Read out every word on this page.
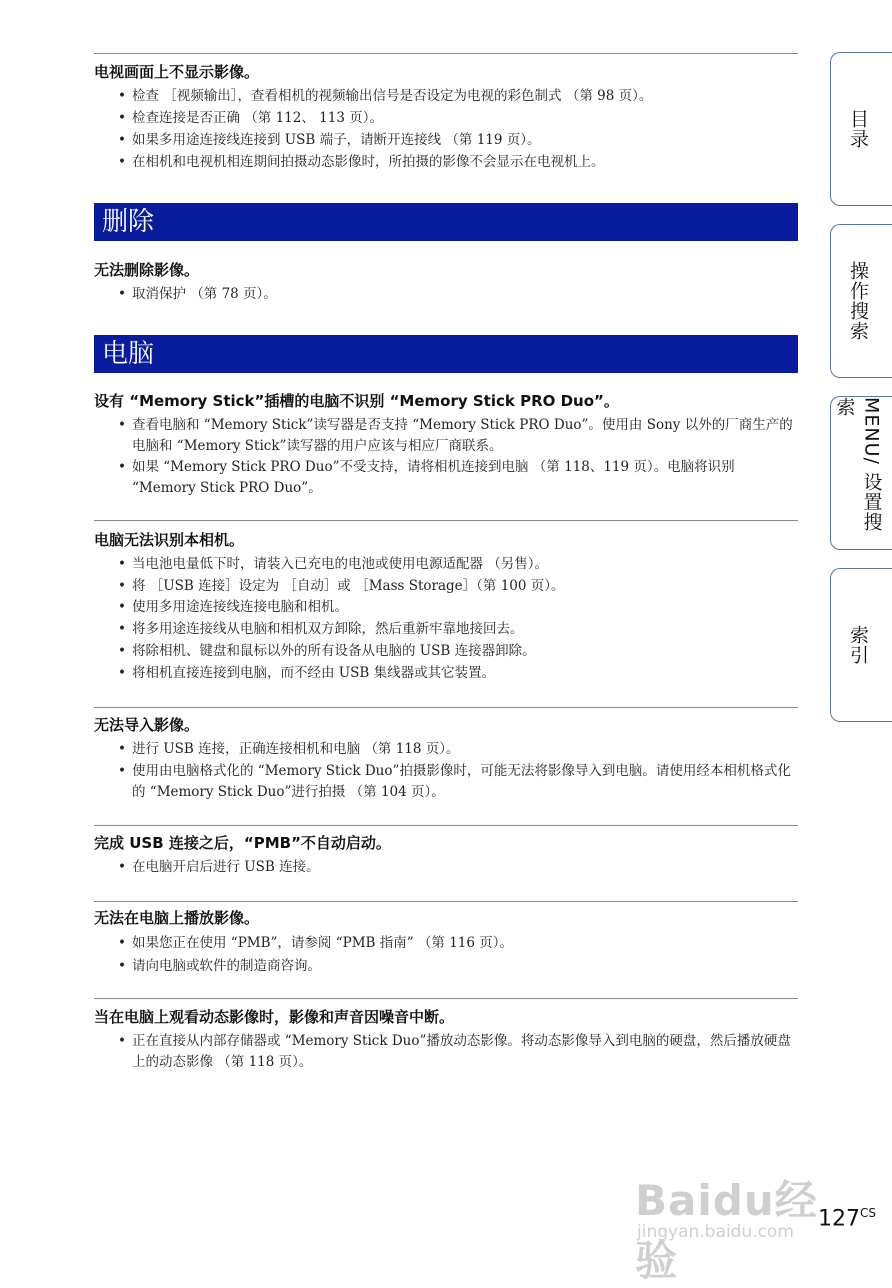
电视画面上不显示影像。
• 检查 ［视频输出］，查看相机的视频输出信号是否设定为电视的彩色制式 （第 98 页）。
• 检查连接是否正确 （第 112、 113 页）。
• 如果多用途连接线连接到 USB 端子，请断开连接线 （第 119 页）。
• 在相机和电视机相连期间拍摄动态影像时，所拍摄的影像不会显示在电视机上。
删除
无法删除影像。
• 取消保护 （第 78 页）。
电脑
设有 “Memory Stick”插槽的电脑不识别 “Memory Stick PRO Duo”。
• 查看电脑和 “Memory Stick”读写器是否支持 “Memory Stick PRO Duo”。使用由 Sony 以外的厂商生产的电脑和 “Memory Stick”读写器的用户应该与相应厂商联系。
• 如果 “Memory Stick PRO Duo”不受支持，请将相机连接到电脑 （第 118、119 页）。电脑将识别 “Memory Stick PRO Duo”。
电脑无法识别本相机。
• 当电池电量低下时，请装入已充电的电池或使用电源适配器 （另售）。
• 将 ［USB 连接］设定为 ［自动］或 ［Mass Storage］（第 100 页）。
• 使用多用途连接线连接电脑和相机。
• 将多用途连接线从电脑和相机双方卸除，然后重新牢靠地接回去。
• 将除相机、键盘和鼠标以外的所有设备从电脑的 USB 连接器卸除。
• 将相机直接连接到电脑，而不经由 USB 集线器或其它装置。
无法导入影像。
• 进行 USB 连接，正确连接相机和电脑 （第 118 页）。
• 使用由电脑格式化的 “Memory Stick Duo”拍摄影像时，可能无法将影像导入到电脑。请使用经本相机格式化的 “Memory Stick Duo”进行拍摄 （第 104 页）。
完成 USB 连接之后，“PMB”不自动启动。
• 在电脑开启后进行 USB 连接。
无法在电脑上播放影像。
• 如果您正在使用 “PMB”，请参阅 “PMB 指南” （第 116 页）。
• 请向电脑或软件的制造商咨询。
当在电脑上观看动态影像时，影像和声音因噪音中断。
• 正在直接从内部存储器或 “Memory Stick Duo”播放动态影像。将动态影像导入到电脑的硬盘，然后播放硬盘上的动态影像 （第 118 页）。
目录
操作搜索
MENU/ 设置搜索
索引
Baidu经验
jingyan.baidu.com
$127^{CS}$
